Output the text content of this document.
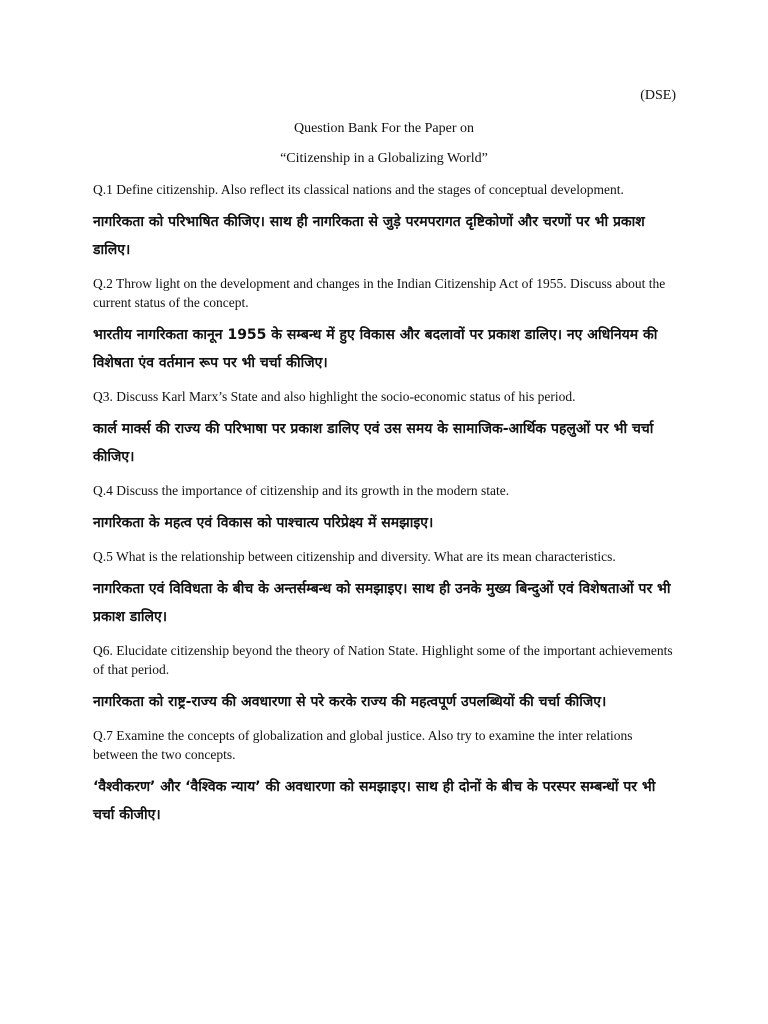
(DSE)
Question Bank For the Paper on
“Citizenship in a Globalizing World”

Q.1 Define citizenship. Also reflect its classical nations and the stages of conceptual development.

नागरिकता को परिभाषित कीजिए। साथ ही नागरिकता से जुड़े परमपरागत दृष्टिकोणों और चरणों पर भी प्रकाश डालिए।

Q.2 Throw light on the development and changes in the Indian Citizenship Act of 1955. Discuss about the current status of the concept.

भारतीय नागरिकता कानून 1955 के सम्बन्ध में हुए विकास और बदलावों पर प्रकाश डालिए। नए अधिनियम की विशेषता एंव वर्तमान रूप पर भी चर्चा कीजिए।

Q3. Discuss Karl Marx’s State and also highlight the socio-economic status of his period.

कार्ल मार्क्स की राज्य की परिभाषा पर प्रकाश डालिए एवं उस समय के सामाजिक-आर्थिक पहलुओं पर भी चर्चा कीजिए।

Q.4 Discuss the importance of citizenship and its growth in the modern state.

नागरिकता के महत्व एवं विकास को पाश्चात्य परिप्रेक्ष्य में समझाइए।

Q.5 What is the relationship between citizenship and diversity. What are its mean characteristics.

नागरिकता एवं विविधता के बीच के अन्तर्सम्बन्ध को समझाइए। साथ ही उनके मुख्य बिन्दुओं एवं विशेषताओं पर भी प्रकाश डालिए।

Q6. Elucidate citizenship beyond the theory of Nation State. Highlight some of the important achievements of that period.

नागरिकता को राष्ट्र-राज्य की अवधारणा से परे करके राज्य की महत्वपूर्ण उपलब्धियों की चर्चा कीजिए।

Q.7 Examine the concepts of globalization and global justice. Also try to examine the inter relations between the two concepts.

‘वैश्वीकरण’ और ‘वैश्विक न्याय’ की अवधारणा को समझाइए। साथ ही दोनों के बीच के परस्पर सम्बन्धों पर भी चर्चा कीजीए।
